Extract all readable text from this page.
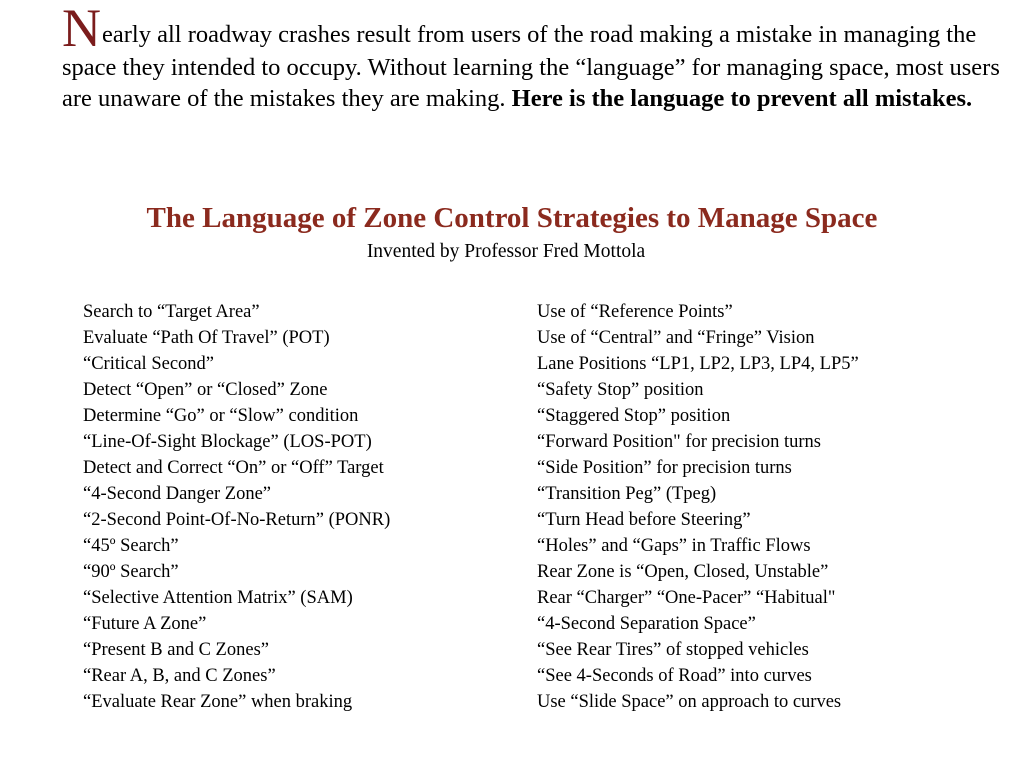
Nearly all roadway crashes result from users of the road making a mistake in managing the space they intended to occupy. Without learning the “language” for managing space, most users are unaware of the mistakes they are making. Here is the language to prevent all mistakes.
The Language of Zone Control Strategies to Manage Space
Invented by Professor Fred Mottola
Search to “Target Area”
Evaluate “Path Of Travel” (POT)
“Critical Second”
Detect “Open” or “Closed” Zone
Determine “Go” or “Slow” condition
“Line-Of-Sight Blockage” (LOS-POT)
Detect and Correct “On” or “Off” Target
“4-Second Danger Zone”
“2-Second Point-Of-No-Return” (PONR)
“45º Search”
“90º Search”
“Selective Attention Matrix” (SAM)
“Future A Zone”
“Present B and C Zones”
“Rear A, B, and C Zones”
“Evaluate Rear Zone” when braking
Use of “Reference Points”
Use of “Central” and “Fringe” Vision
Lane Positions “LP1, LP2, LP3, LP4, LP5”
“Safety Stop” position
“Staggered Stop” position
“Forward Position" for precision turns
“Side Position” for precision turns
“Transition Peg” (Tpeg)
“Turn Head before Steering”
“Holes” and “Gaps” in Traffic Flows
Rear Zone is “Open, Closed, Unstable”
Rear “Charger” “One-Pacer” “Habitual"
“4-Second Separation Space”
“See Rear Tires” of stopped vehicles
“See 4-Seconds of Road” into curves
Use “Slide Space” on approach to curves
